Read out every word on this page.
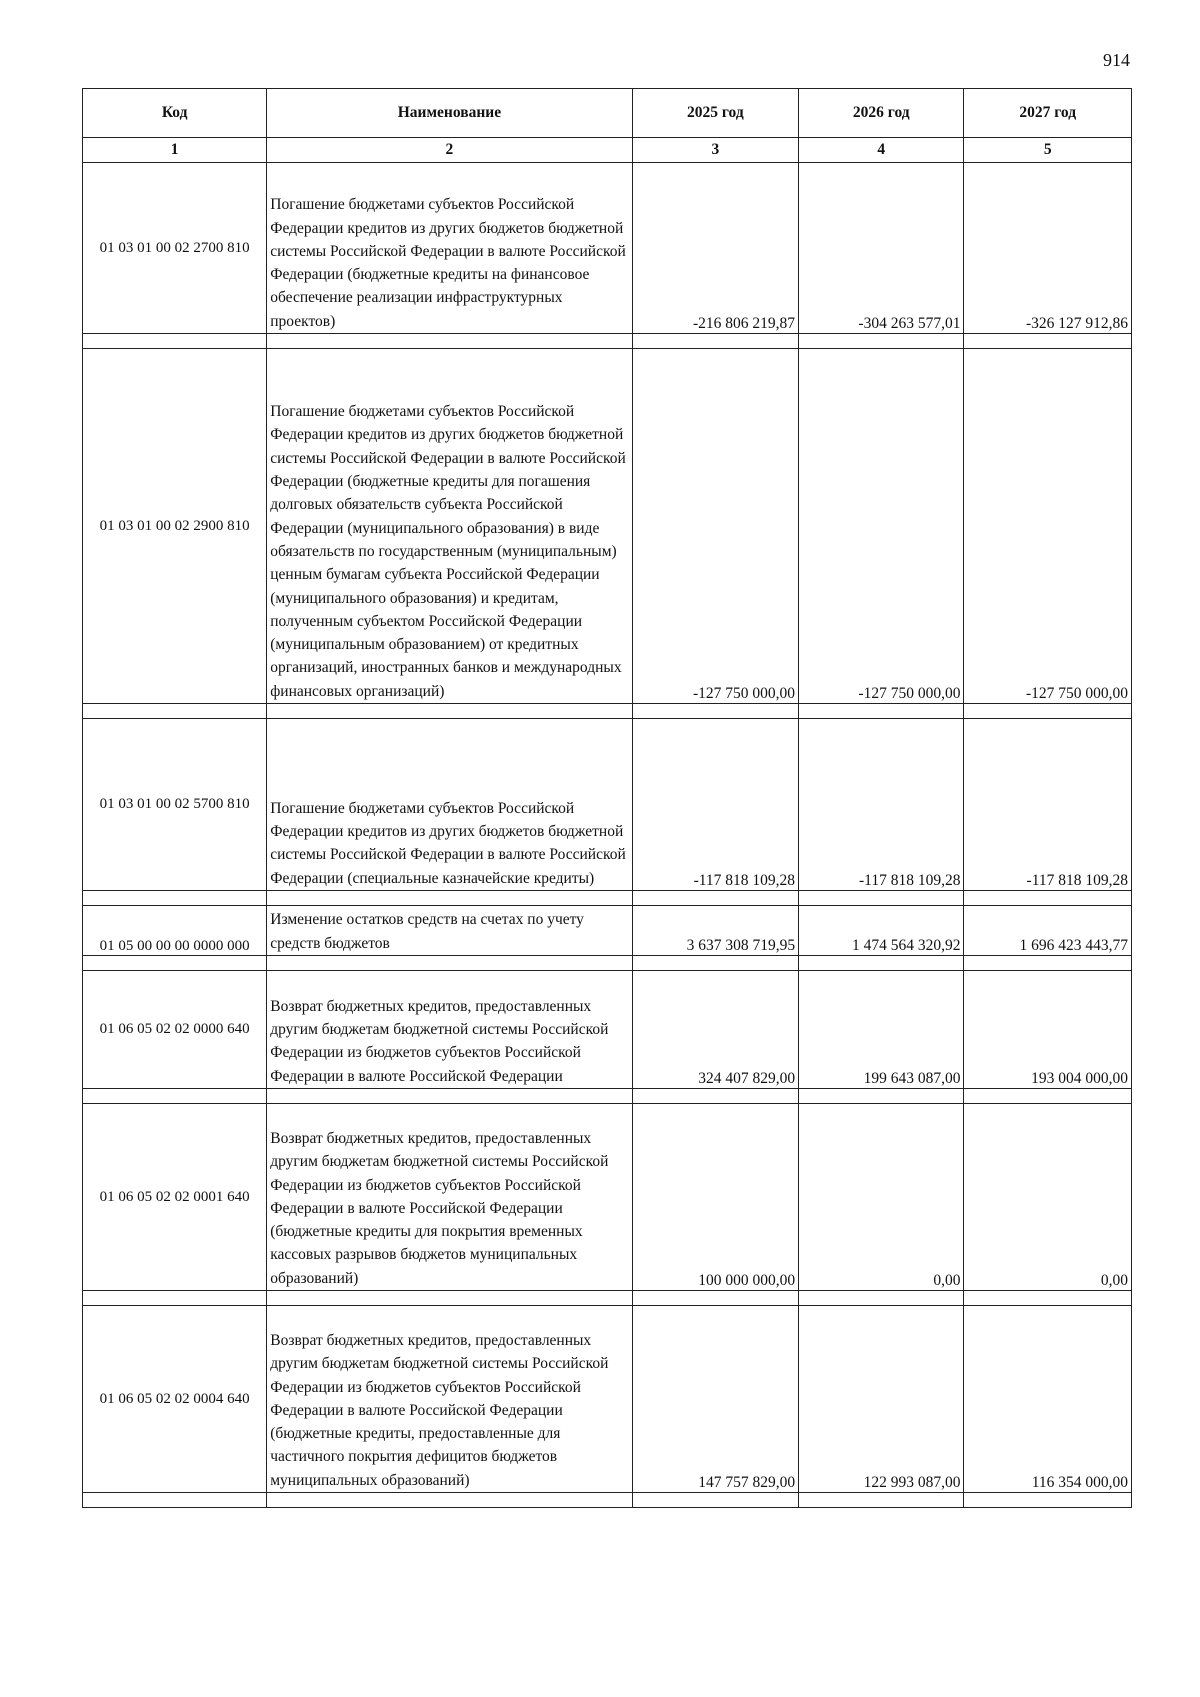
914
Код	Наименование	2025 год	2026 год	2027 год
1	2	3	4	5
01 03 01 00 02 2700 810	Погашение бюджетами субъектов Российской Федерации кредитов из других бюджетов бюджетной системы Российской Федерации в валюте Российской Федерации (бюджетные кредиты на финансовое обеспечение реализации инфраструктурных проектов)	-216 806 219,87	-304 263 577,01	-326 127 912,86

01 03 01 00 02 2900 810	Погашение бюджетами субъектов Российской Федерации кредитов из других бюджетов бюджетной системы Российской Федерации в валюте Российской Федерации (бюджетные кредиты для погашения долговых обязательств субъекта Российской Федерации (муниципального образования) в виде обязательств по государственным (муниципальным) ценным бумагам субъекта Российской Федерации (муниципального образования) и кредитам, полученным субъектом Российской Федерации (муниципальным образованием) от кредитных организаций, иностранных банков и международных финансовых организаций)	-127 750 000,00	-127 750 000,00	-127 750 000,00

01 03 01 00 02 5700 810	Погашение бюджетами субъектов Российской Федерации кредитов из других бюджетов бюджетной системы Российской Федерации в валюте Российской Федерации (специальные казначейские кредиты)	-117 818 109,28	-117 818 109,28	-117 818 109,28

01 05 00 00 00 0000 000	Изменение остатков средств на счетах по учету средств бюджетов	3 637 308 719,95	1 474 564 320,92	1 696 423 443,77

01 06 05 02 02 0000 640	Возврат бюджетных кредитов, предоставленных другим бюджетам бюджетной системы Российской Федерации из бюджетов субъектов Российской Федерации в валюте Российской Федерации	324 407 829,00	199 643 087,00	193 004 000,00

01 06 05 02 02 0001 640	Возврат бюджетных кредитов, предоставленных другим бюджетам бюджетной системы Российской Федерации из бюджетов субъектов Российской Федерации в валюте Российской Федерации (бюджетные кредиты для покрытия временных кассовых разрывов бюджетов муниципальных образований)	100 000 000,00	0,00	0,00

01 06 05 02 02 0004 640	Возврат бюджетных кредитов, предоставленных другим бюджетам бюджетной системы Российской Федерации из бюджетов субъектов Российской Федерации в валюте Российской Федерации (бюджетные кредиты, предоставленные для частичного покрытия дефицитов бюджетов муниципальных образований)	147 757 829,00	122 993 087,00	116 354 000,00
